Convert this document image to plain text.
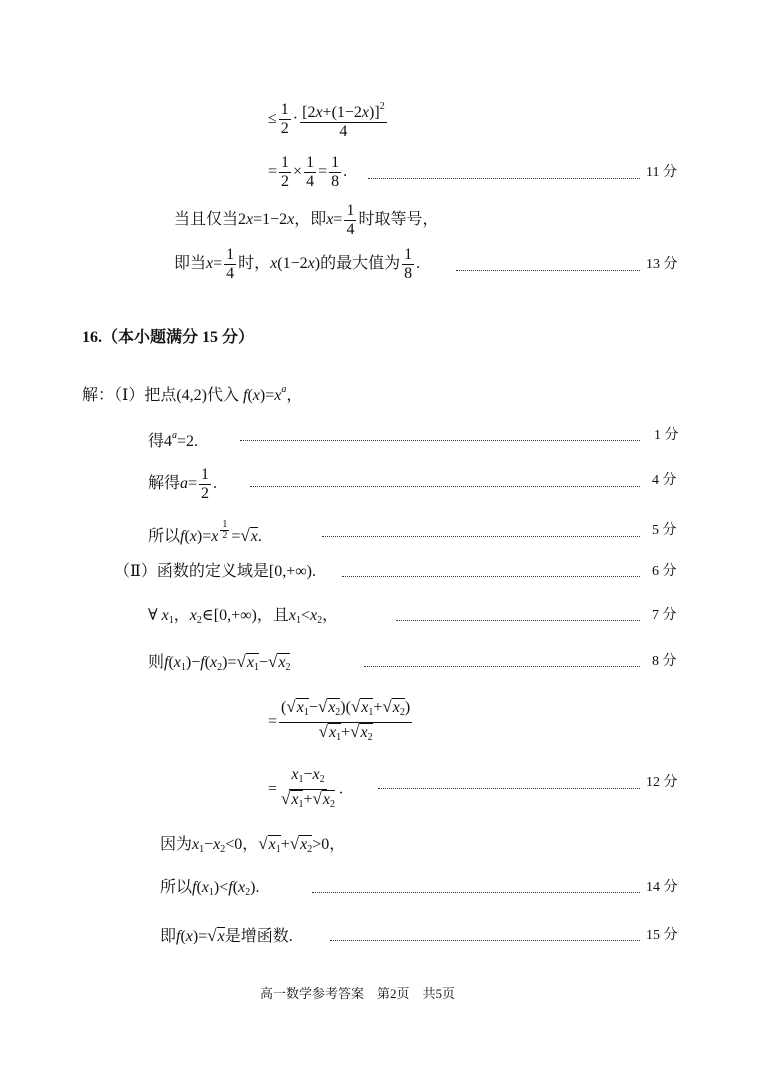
≤ $\frac{1}{2} \cdot \frac{[2x+(1-2x)]^2}{4}$
= $\frac{1}{2} \times \frac{1}{4} = \frac{1}{8}$ .	11 分
当且仅当2x=1−2x，即$x= \frac{1}{4}$ 时取等号，
即当$x= \frac{1}{4}$ 时，x(1−2x)的最大值为 $\frac{1}{8}$ .	13 分
16.（本小题满分 15 分）
解：（Ⅰ）把点(4,2)代入 $f(x)=x^a$，
得$4^a=2$.	1 分
解得$a= \frac{1}{2}$ .	4 分
所以f(x)=x $^{\frac{1}{2}}$ =√x.	5 分
（Ⅱ）函数的定义域是[0,+∞).	6 分
∀ $x_1$，$x_2\in[0,+\infty)$，且$x_1<x_2$，	7 分
则$f(x_1)-f(x_2)=√x_1-√x_2$	8 分
= $\frac{(√x_1-√x_2)(√x_1+√x_2)}{√x_1+√x_2}$
= $\frac{x_1-x_2}{√x_1+√x_2}$ .	12 分
因为$x_1-x_2<0$，$√x_1+√x_2>0$，
所以$f(x_1)<f(x_2)$.	14 分
即f(x)=√x是增函数.	15 分
高一数学参考答案　第2页　共5页
